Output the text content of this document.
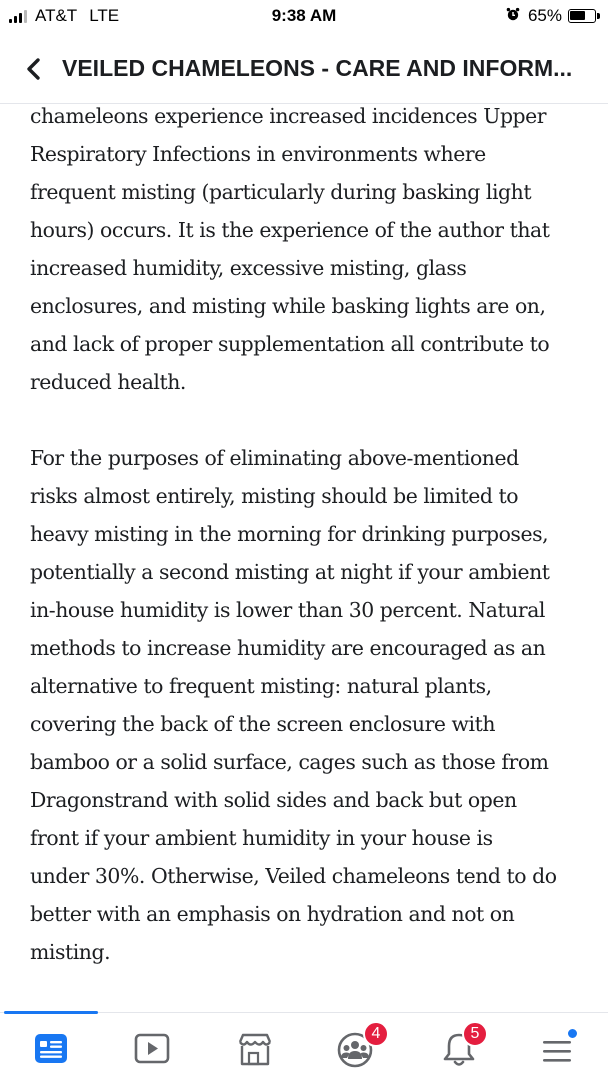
AT&T LTE	9:38 AM	65%
VEILED CHAMELEONS - CARE AND INFORM...
chameleons experience increased incidences Upper
Respiratory Infections in environments where
frequent misting (particularly during basking light
hours) occurs. It is the experience of the author that
increased humidity, excessive misting, glass
enclosures, and misting while basking lights are on,
and lack of proper supplementation all contribute to
reduced health.
For the purposes of eliminating above-mentioned
risks almost entirely, misting should be limited to
heavy misting in the morning for drinking purposes,
potentially a second misting at night if your ambient
in-house humidity is lower than 30 percent. Natural
methods to increase humidity are encouraged as an
alternative to frequent misting: natural plants,
covering the back of the screen enclosure with
bamboo or a solid surface, cages such as those from
Dragonstrand with solid sides and back but open
front if your ambient humidity in your house is
under 30%. Otherwise, Veiled chameleons tend to do
better with an emphasis on hydration and not on
misting.
4	5
